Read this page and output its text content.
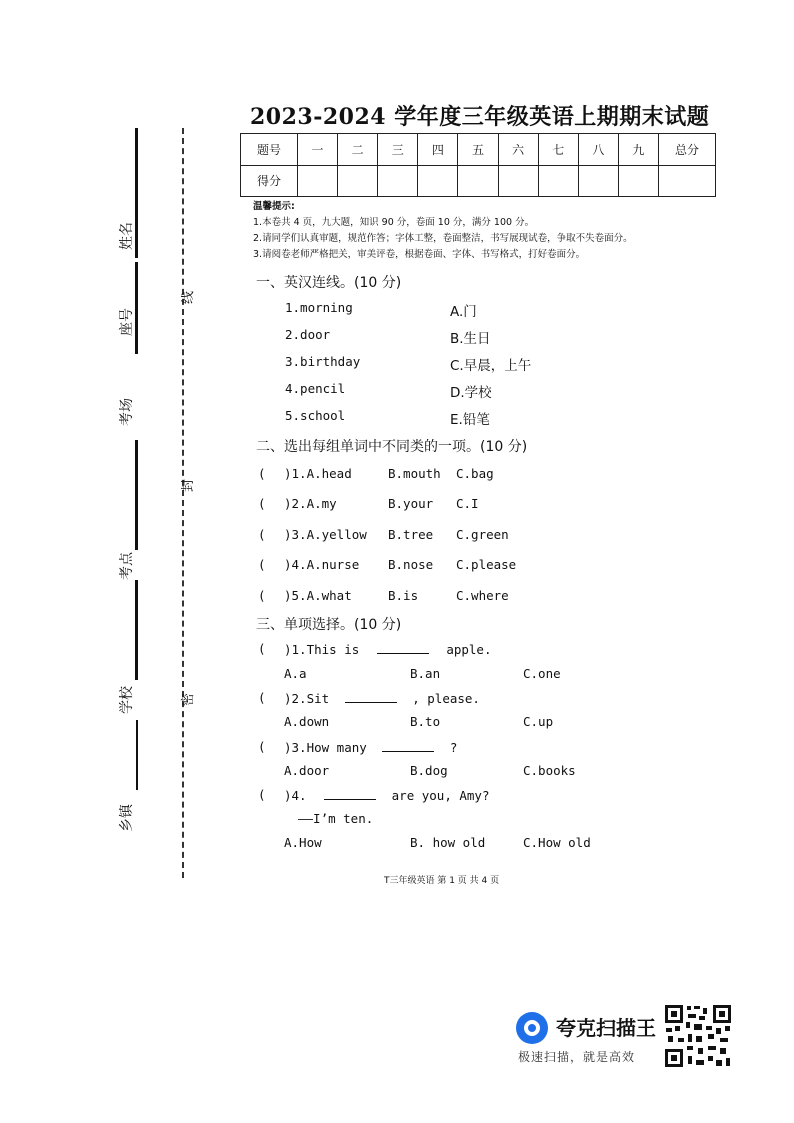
姓名
座号
考场
考点
学校
乡镇
线
封
密
2023-2024 学年度三年级英语上期期末试题
题号	一	二	三	四	五	六	七	八	九	总分
得分										
温馨提示:
1.本卷共 4 页，九大题，知识 90 分，卷面 10 分，满分 100 分。
2.请同学们认真审题，规范作答；字体工整，卷面整洁，书写展现试卷，争取不失卷面分。
3.请阅卷老师严格把关，审美评卷，根据卷面、字体、书写格式，打好卷面分。
一、英汉连线。(10 分)
1.morning
2.door
3.birthday
4.pencil
5.school
A.门
B.生日
C.早晨，上午
D.学校
E.铅笔
二、选出每组单词中不同类的一项。(10 分)
( )1.A.head	B.mouth C.bag
( )2.A.my	B.your C.I
( )3.A.yellow B.tree C.green
( )4.A.nurse B.nose C.please
( )5.A.what	B.is	C.where
三、单项选择。(10 分)
( )1.This is	apple.
A.a	B.an	C.one
( )2.Sit	, please.
A.down	B.to	C.up
( )3.How many	?
A.door	B.dog	C.books
( )4.	are you, Amy?
——I’m ten.
A.How	B. how old	C.How old
T三年级英语 第 1 页 共 4 页
夸克扫描王
极速扫描，就是高效
